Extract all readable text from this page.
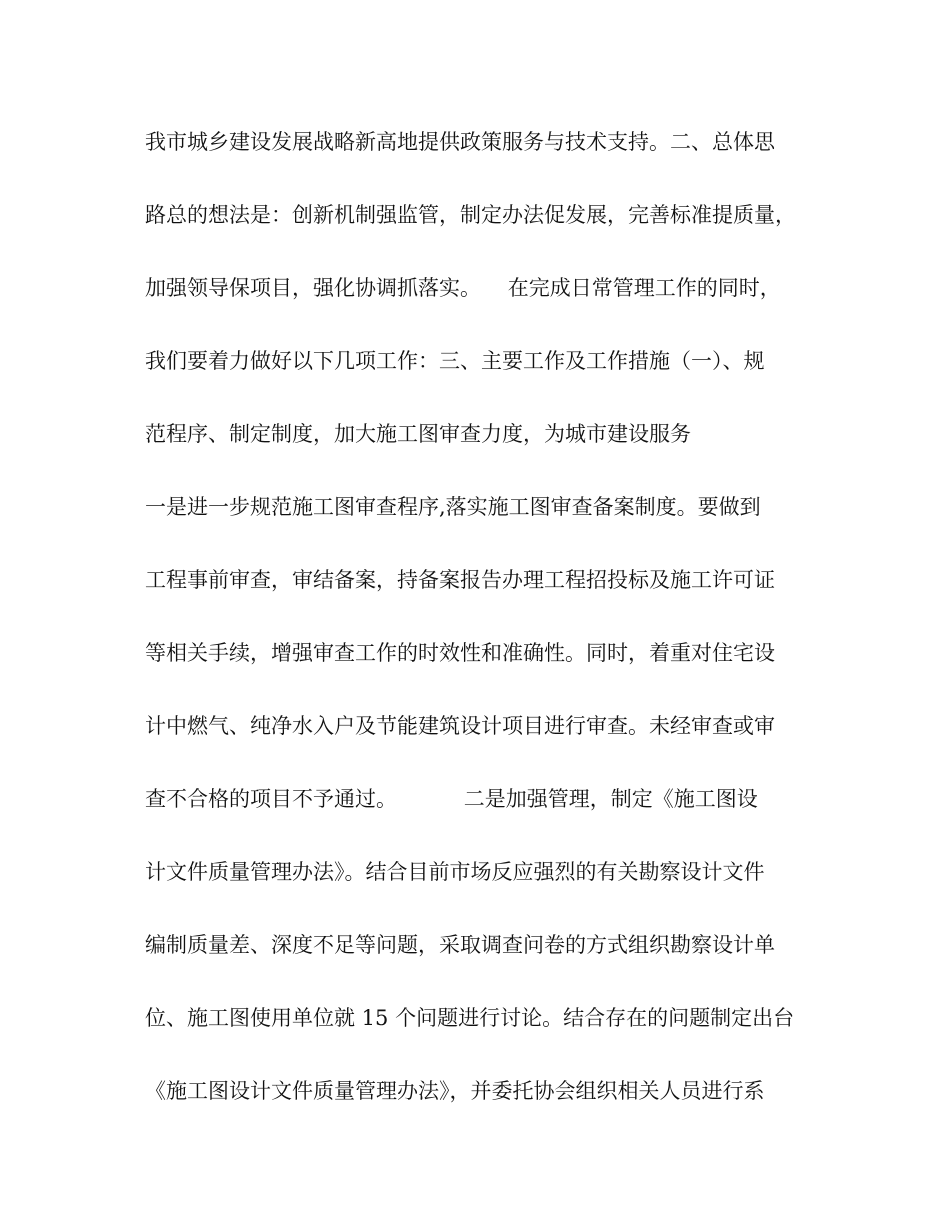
我市城乡建设发展战略新高地提供政策服务与技术支持。二、总体思

路总的想法是：创新机制强监管，制定办法促发展，完善标准提质量，

加强领导保项目，强化协调抓落实。    在完成日常管理工作的同时，

我们要着力做好以下几项工作：三、主要工作及工作措施（一）、规

范程序、制定制度，加大施工图审查力度，为城市建设服务

一是进一步规范施工图审查程序,落实施工图审查备案制度。要做到

工程事前审查，审结备案，持备案报告办理工程招投标及施工许可证

等相关手续，增强审查工作的时效性和准确性。同时，着重对住宅设

计中燃气、纯净水入户及节能建筑设计项目进行审查。未经审查或审

查不合格的项目不予通过。          二是加强管理，制定《施工图设

计文件质量管理办法》。结合目前市场反应强烈的有关勘察设计文件

编制质量差、深度不足等问题，采取调查问卷的方式组织勘察设计单

位、施工图使用单位就 15 个问题进行讨论。结合存在的问题制定出台

《施工图设计文件质量管理办法》，并委托协会组织相关人员进行系
